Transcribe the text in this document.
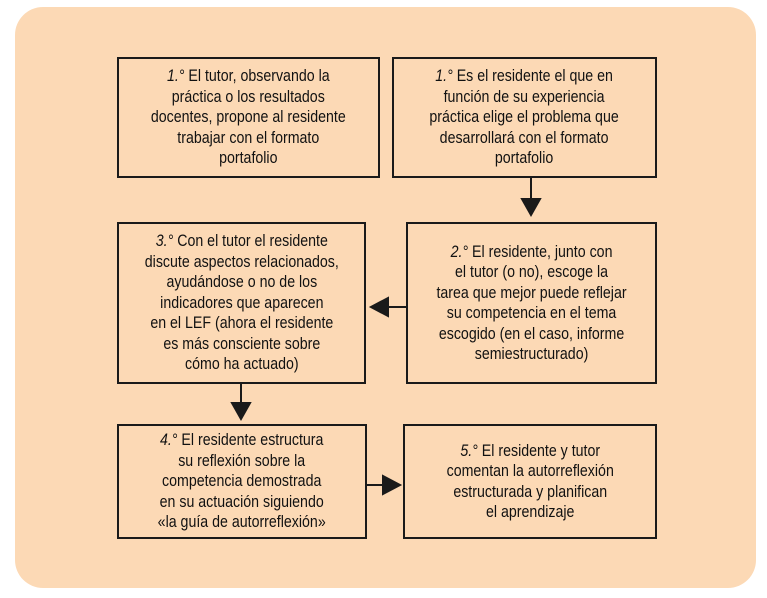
1.° El tutor, observando la
práctica o los resultados
docentes, propone al residente
trabajar con el formato
portafolio
1.° Es el residente el que en
función de su experiencia
práctica elige el problema que
desarrollará con el formato
portafolio
3.° Con el tutor el residente
discute aspectos relacionados,
ayudándose o no de los
indicadores que aparecen
en el LEF (ahora el residente
es más consciente sobre
cómo ha actuado)
2.° El residente, junto con
el tutor (o no), escoge la
tarea que mejor puede reflejar
su competencia en el tema
escogido (en el caso, informe
semiestructurado)
4.° El residente estructura
su reflexión sobre la
competencia demostrada
en su actuación siguiendo
«la guía de autorreflexión»
5.° El residente y tutor
comentan la autorreflexión
estructurada y planifican
el aprendizaje
